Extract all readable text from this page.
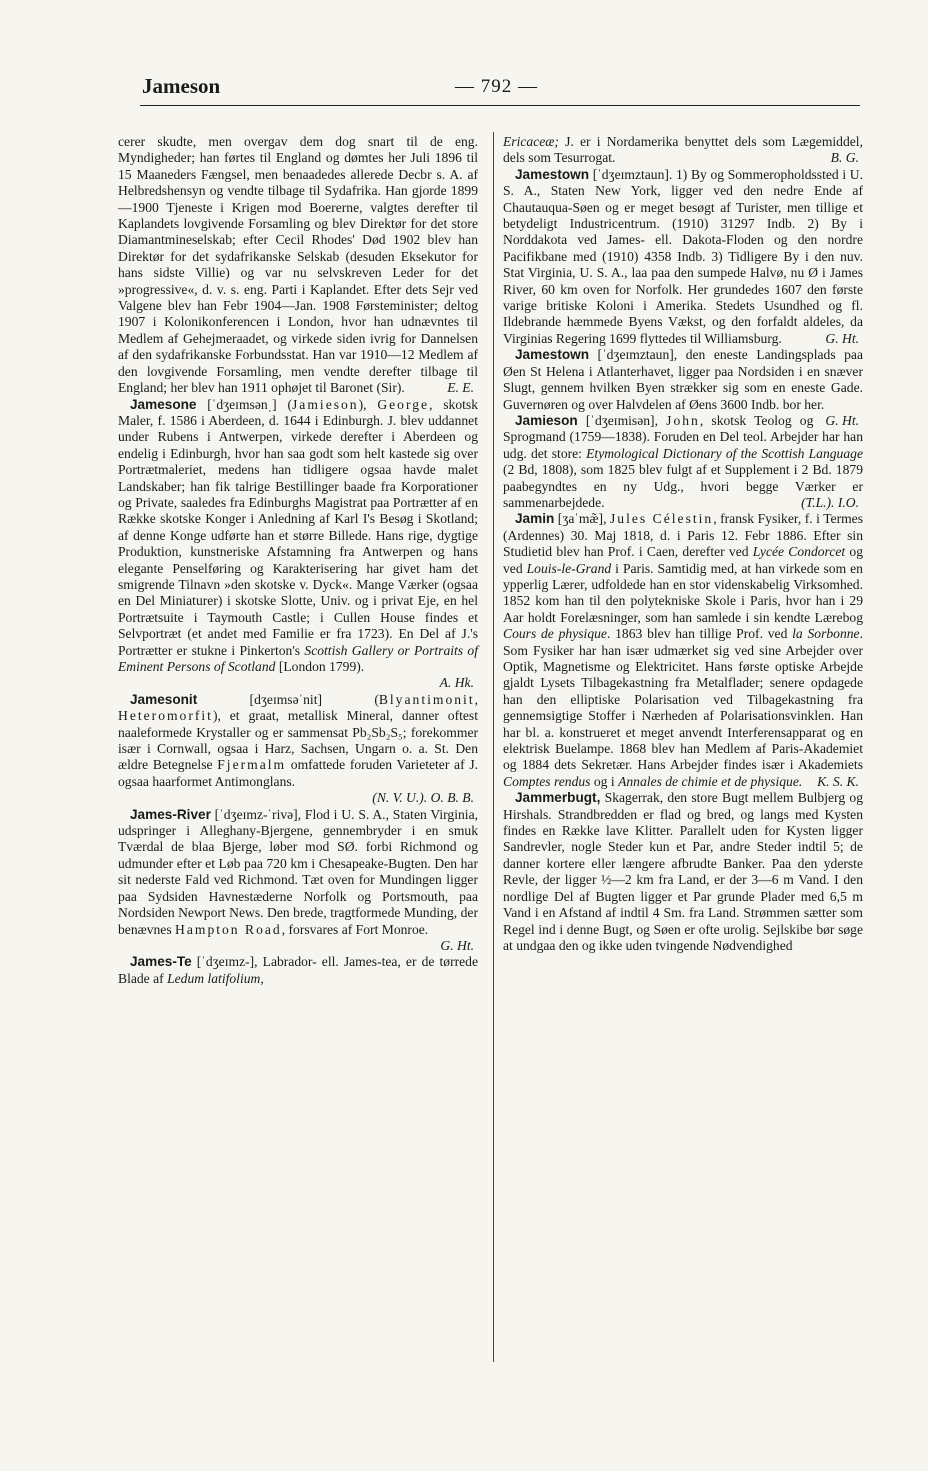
Jameson	— 792 —

cerer skudte, men overgav dem dog snart til de eng. Myndigheder; han førtes til England og dømtes her Juli 1896 til 15 Maaneders Fængsel, men benaadedes allerede Decbr s. A. af Helbredshensyn og vendte tilbage til Sydafrika. Han gjorde 1899—1900 Tjeneste i Krigen mod Boererne, valgtes derefter til Kaplandets lovgivende Forsamling og blev Direktør for det store Diamantmineselskab; efter Cecil Rhodes' Død 1902 blev han Direktør for det sydafrikanske Selskab (desuden Eksekutor for hans sidste Villie) og var nu selvskreven Leder for det »progressive«, d. v. s. eng. Parti i Kaplandet. Efter dets Sejr ved Valgene blev han Febr 1904—Jan. 1908 Førsteminister; deltog 1907 i Kolonikonferencen i London, hvor han udnævntes til Medlem af Gehejmeraadet, og virkede siden ivrig for Dannelsen af den sydafrikanske Forbundsstat. Han var 1910—12 Medlem af den lovgivende Forsamling, men vendte derefter tilbage til England; her blev han 1911 ophøjet til Baronet (Sir).	E. E.

Jamesone [ˈdʒeɪmsənˌ] (Jamieson), George, skotsk Maler, f. 1586 i Aberdeen, d. 1644 i Edinburgh. J. blev uddannet under Rubens i Antwerpen, virkede derefter i Aberdeen og endelig i Edinburgh, hvor han saa godt som helt kastede sig over Portrætmaleriet, medens han tidligere ogsaa havde malet Landskaber; han fik talrige Bestillinger baade fra Korporationer og Private, saaledes fra Edinburghs Magistrat paa Portrætter af en Række skotske Konger i Anledning af Karl I's Besøg i Skotland; af denne Konge udførte han et større Billede. Hans rige, dygtige Produktion, kunstneriske Afstamning fra Antwerpen og hans elegante Penselføring og Karakterisering har givet ham det smigrende Tilnavn »den skotske v. Dyck«. Mange Værker (ogsaa en Del Miniaturer) i skotske Slotte, Univ. og i privat Eje, en hel Portrætsuite i Taymouth Castle; i Cullen House findes et Selvportræt (et andet med Familie er fra 1723). En Del af J.'s Portrætter er stukne i Pinkerton's Scottish Gallery or Portraits of Eminent Persons of Scotland [London 1799).
A. Hk.

Jamesonit [dʒeɪmsəˈnit] (Blyantimonit, Heteromorfit), et graat, metallisk Mineral, danner oftest naaleformede Krystaller og er sammensat Pb₂Sb₂S₅; forekommer især i Cornwall, ogsaa i Harz, Sachsen, Ungarn o. a. St. Den ældre Betegnelse Fjermalm omfattede foruden Varieteter af J. ogsaa haarformet Antimonglans.
(N. V. U.). O. B. B.

James-River [ˈdʒeɪmz-ˈrivə], Flod i U. S. A., Staten Virginia, udspringer i Alleghany-Bjergene, gennembryder i en smuk Tværdal de blaa Bjerge, løber mod SØ. forbi Richmond og udmunder efter et Løb paa 720 km i Chesapeake-Bugten. Den har sit nederste Fald ved Richmond. Tæt oven for Mundingen ligger paa Sydsiden Havnestæderne Norfolk og Portsmouth, paa Nordsiden Newport News. Den brede, tragtformede Munding, der benævnes Hampton Road, forsvares af Fort Monroe.
G. Ht.

James-Te [ˈdʒeɪmz-], Labrador- ell. James-tea, er de tørrede Blade af Ledum latifolium,

Ericaceæ; J. er i Nordamerika benyttet dels som Lægemiddel, dels som Tesurrogat.	B. G.

Jamestown [ˈdʒeɪmztaun]. 1) By og Sommeropholdssted i U. S. A., Staten New York, ligger ved den nedre Ende af Chautauqua-Søen og er meget besøgt af Turister, men tillige et betydeligt Industricentrum. (1910) 31297 Indb. 2) By i Norddakota ved James- ell. Dakota-Floden og den nordre Pacifikbane med (1910) 4358 Indb. 3) Tidligere By i den nuv. Stat Virginia, U. S. A., laa paa den sumpede Halvø, nu Ø i James River, 60 km oven for Norfolk. Her grundedes 1607 den første varige britiske Koloni i Amerika. Stedets Usundhed og fl. Ildebrande hæmmede Byens Vækst, og den forfaldt aldeles, da Virginias Regering 1699 flyttedes til Williamsburg.	G. Ht.

Jamestown [ˈdʒeɪmztaun], den eneste Landingsplads paa Øen St Helena i Atlanterhavet, ligger paa Nordsiden i en snæver Slugt, gennem hvilken Byen strækker sig som en eneste Gade. Guvernøren og over Halvdelen af Øens 3600 Indb. bor her.
G. Ht.

Jamieson [ˈdʒeɪmisən], John, skotsk Teolog og Sprogmand (1759—1838). Foruden en Del teol. Arbejder har han udg. det store: Etymological Dictionary of the Scottish Language (2 Bd, 1808), som 1825 blev fulgt af et Supplement i 2 Bd. 1879 paabegyndtes en ny Udg., hvori begge Værker er sammenarbejdede.	(T.L.). I.O.

Jamin [ʒaˈmæ̃], Jules Célestin, fransk Fysiker, f. i Termes (Ardennes) 30. Maj 1818, d. i Paris 12. Febr 1886. Efter sin Studietid blev han Prof. i Caen, derefter ved Lycée Condorcet og ved Louis-le-Grand i Paris. Samtidig med, at han virkede som en ypperlig Lærer, udfoldede han en stor videnskabelig Virksomhed. 1852 kom han til den polytekniske Skole i Paris, hvor han i 29 Aar holdt Forelæsninger, som han samlede i sin kendte Lærebog Cours de physique. 1863 blev han tillige Prof. ved la Sorbonne. Som Fysiker har han især udmærket sig ved sine Arbejder over Optik, Magnetisme og Elektricitet. Hans første optiske Arbejde gjaldt Lysets Tilbagekastning fra Metalflader; senere opdagede han den elliptiske Polarisation ved Tilbagekastning fra gennemsigtige Stoffer i Nærheden af Polarisationsvinklen. Han har bl. a. konstrueret et meget anvendt Interferensapparat og en elektrisk Buelampe. 1868 blev han Medlem af Paris-Akademiet og 1884 dets Sekretær. Hans Arbejder findes især i Akademiets Comptes rendus og i Annales de chimie et de physique.	K. S. K.

Jammerbugt, Skagerrak, den store Bugt mellem Bulbjerg og Hirshals. Strandbredden er flad og bred, og langs med Kysten findes en Række lave Klitter. Parallelt uden for Kysten ligger Sandrevler, nogle Steder kun et Par, andre Steder indtil 5; de danner kortere eller længere afbrudte Banker. Paa den yderste Revle, der ligger ½—2 km fra Land, er der 3—6 m Vand. I den nordlige Del af Bugten ligger et Par grunde Plader med 6,5 m Vand i en Afstand af indtil 4 Sm. fra Land. Strømmen sætter som Regel ind i denne Bugt, og Søen er ofte urolig. Sejlskibe bør søge at undgaa den og ikke uden tvingende Nødvendighed
